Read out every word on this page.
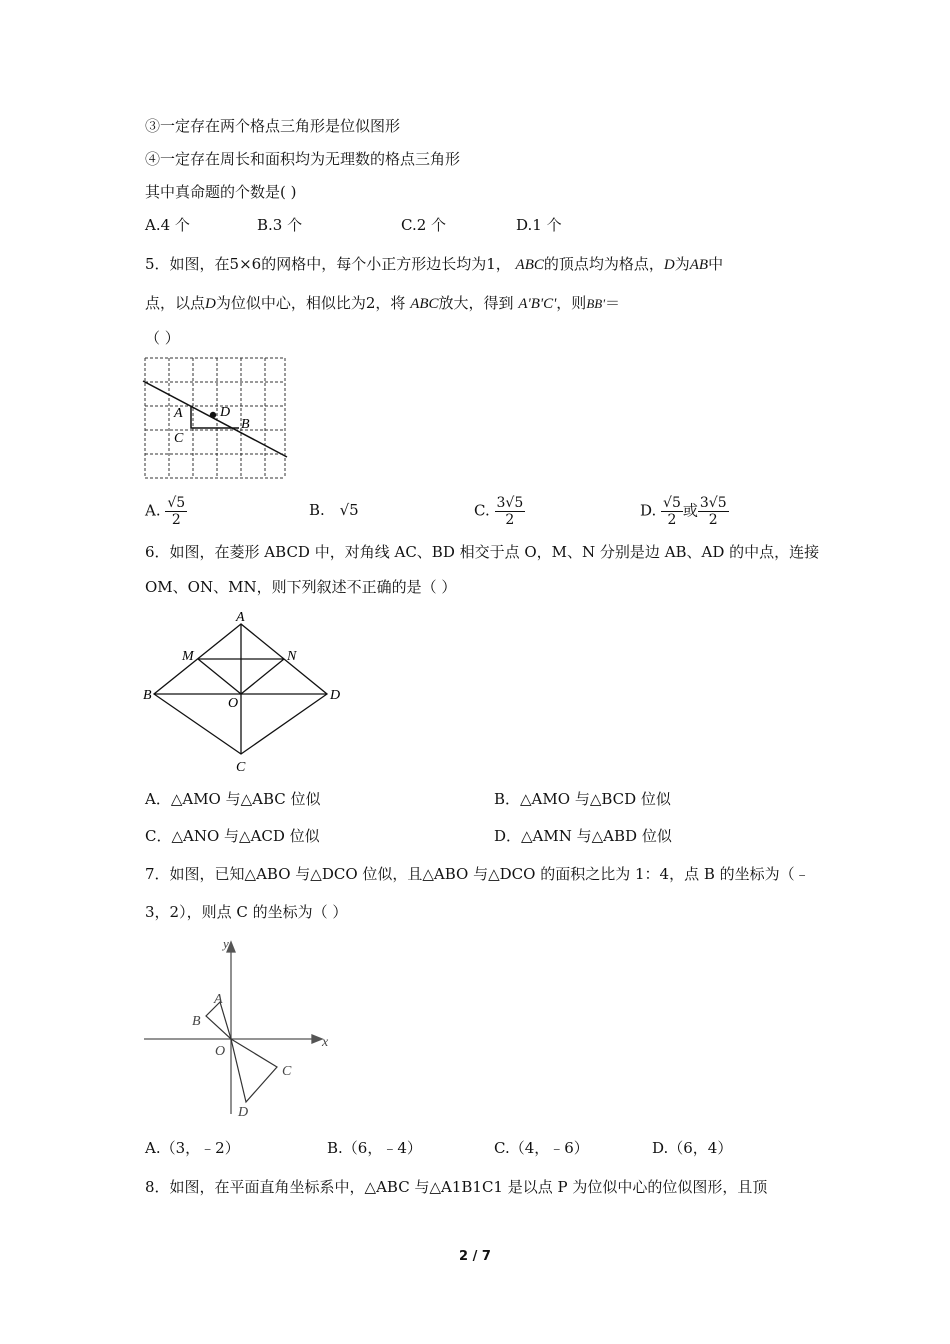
③一定存在两个格点三角形是位似图形
④一定存在周长和面积均为无理数的格点三角形
其中真命题的个数是( )
A.4 个	B.3 个	C.2 个	D.1 个
5．如图，在5×6的网格中，每个小正方形边长均为1， ABC的顶点均为格点，D为AB中
点，以点D为位似中心，相似比为2，将 ABC放大，得到 A'B'C'，则BB'＝
（ ）
A	D
B
C
A. $\frac{√5}{2}$	B. √5	C. $\frac{3√5}{2}$	D. $\frac{√5}{2}$ 或 $\frac{3√5}{2}$
6．如图，在菱形 ABCD 中，对角线 AC、BD 相交于点 O，M、N 分别是边 AB、AD 的中点，连接
OM、ON、MN，则下列叙述不正确的是（ ）
A
M	N
B
O
D
C
A．△AMO 与△ABC 位似	B．△AMO 与△BCD 位似
C．△ANO 与△ACD 位似	D．△AMN 与△ABD 位似
7．如图，已知△ABO 与△DCO 位似，且△ABO 与△DCO 的面积之比为 1：4，点 B 的坐标为（﹣
3，2），则点 C 的坐标为（ ）
y
x
A
B
O
C
D
A.（3，﹣2）	B.（6，﹣4）	C.（4，﹣6）	D.（6，4）
8．如图，在平面直角坐标系中，△ABC 与△A1B1C1 是以点 P 为位似中心的位似图形，且顶
2 / 7
